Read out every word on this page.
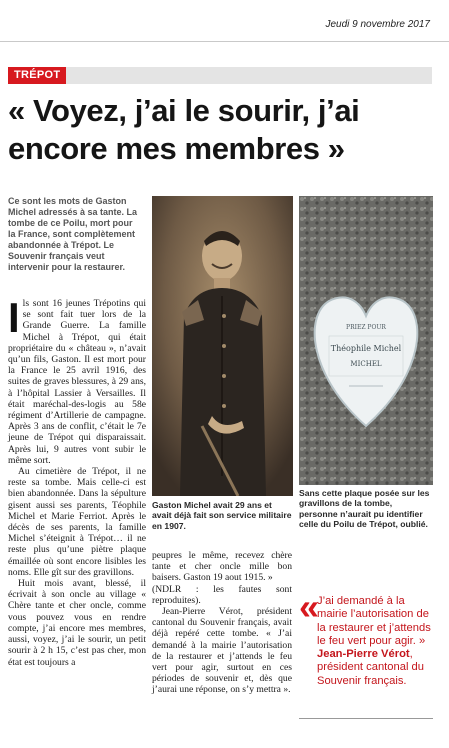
Jeudi 9 novembre 2017
TRÉPOT
« Voyez, j’ai le sourir, j’ai encore mes membres »
Ce sont les mots de Gaston Michel adressés à sa tante. La tombe de ce Poilu, mort pour la France, sont complètement abandonnée à Trépot. Le Souvenir français veut intervenir pour la restaurer.

Ils sont 16 jeunes Trépotins qui se sont fait tuer lors de la Grande Guerre. La famille Michel à Trépot, qui était propriétaire du « château », n’avait qu’un fils, Gaston. Il est mort pour la France le 25 avril 1916, des suites de graves blessures, à 29 ans, à l’hôpital Lassier à Versailles. Il était maréchal-des-logis au 58e régiment d’Artillerie de campagne. Après 3 ans de conflit, c’était le 7e jeune de Trépot qui disparaissait. Après lui, 9 autres vont subir le même sort.

Au cimetière de Trépot, il ne reste sa tombe. Mais celle-ci est bien abandonnée. Dans la sépulture gisent aussi ses parents, Téophile Michel et Marie Ferriot. Après le décès de ses parents, la famille Michel s’éteignit à Trépot… il ne reste plus qu’une piètre plaque émaillée où sont encore lisibles les noms. Elle gît sur des gravillons.

Huit mois avant, blessé, il écrivait à son oncle au village « Chère tante et cher oncle, comme vous pouvez vous en rendre compte, j’ai encore mes membres, aussi, voyez, j’ai le sourir, un petit sourir à 2 h 15, c’est pas cher, mon état est toujours a

Gaston Michel avait 29 ans et avait déjà fait son service militaire en 1907.

peupres le même, recevez chère tante et cher oncle mille bon baisers. Gaston 19 aout 1915. »

(NDLR : les fautes sont reproduites).

Jean-Pierre Vérot, président cantonal du Souvenir français, avait déjà repéré cette tombe. « J’ai demandé à la mairie l’autorisation de la restaurer et j’attends le feu vert pour agir, surtout en ces périodes de souvenir et, dès que j’aurai une réponse, on s’y mettra ».

PRIEZ POUR
Théophile Michel
MICHEL
Sans cette plaque posée sur les gravillons de la tombe, personne n’aurait pu identifier celle du Poilu de Trépot, oublié.
«

J’ai demandé à la mairie l’autorisation de la restaurer et j’attends le feu vert pour agir. » Jean-Pierre Vérot, président cantonal du Souvenir français.
